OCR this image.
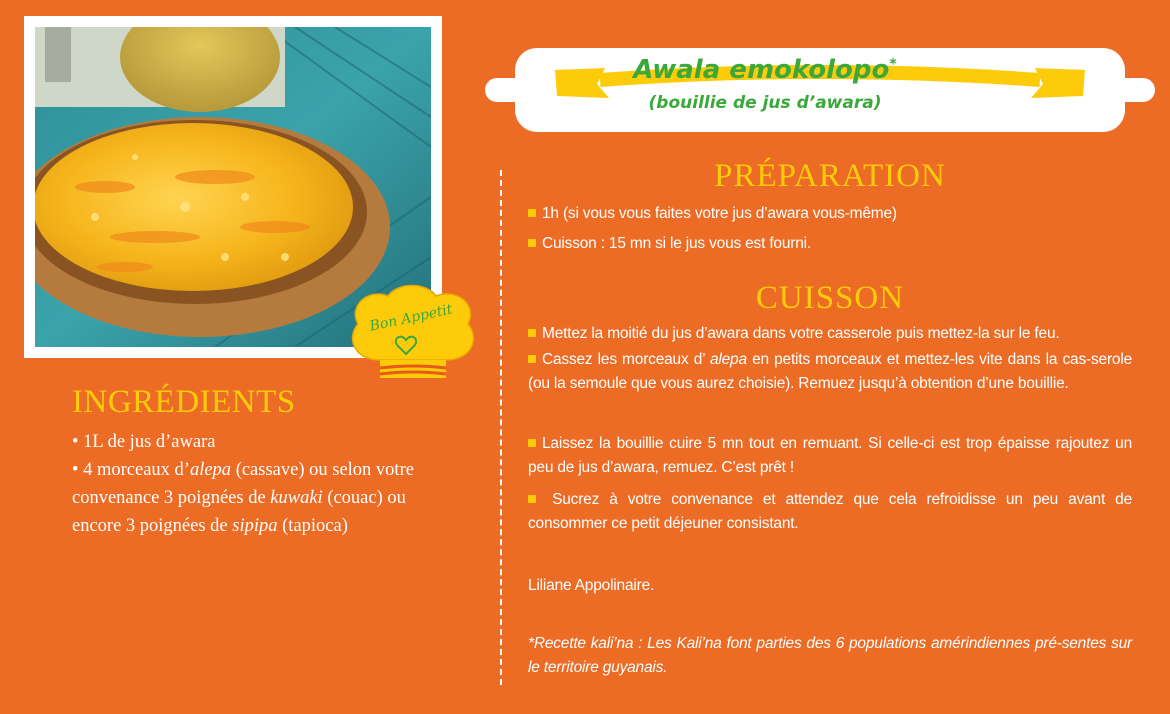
Bon Appetit
INGRÉDIENTS

• 1L de jus d’awara

• 4 morceaux d’alepa (cassave) ou selon votre convenance 3 poignées de kuwaki (couac) ou encore 3 poignées de sipipa (tapioca)

Awala emokolopo*
(bouillie de jus d’awara)
PRÉPARATION

1h (si vous vous faites votre jus d’awara vous-même)

Cuisson : 15 mn si le jus vous est fourni.

CUISSON

Mettez la moitié du jus d’awara dans votre casserole puis mettez-la sur le feu.

Cassez les morceaux d’ alepa en petits morceaux et mettez-les vite dans la cas-serole (ou la semoule que vous aurez choisie). Remuez jusqu’à obtention d’une bouillie.

Laissez la bouillie cuire 5 mn tout en remuant. Si celle-ci est trop épaisse rajoutez un peu de jus d’awara, remuez. C’est prêt !

Sucrez à votre convenance et attendez que cela refroidisse un peu avant de consommer ce petit déjeuner consistant.

Liliane Appolinaire.

*Recette kali’na : Les Kali’na font parties des 6 populations amérindiennes pré-sentes sur le territoire guyanais.
